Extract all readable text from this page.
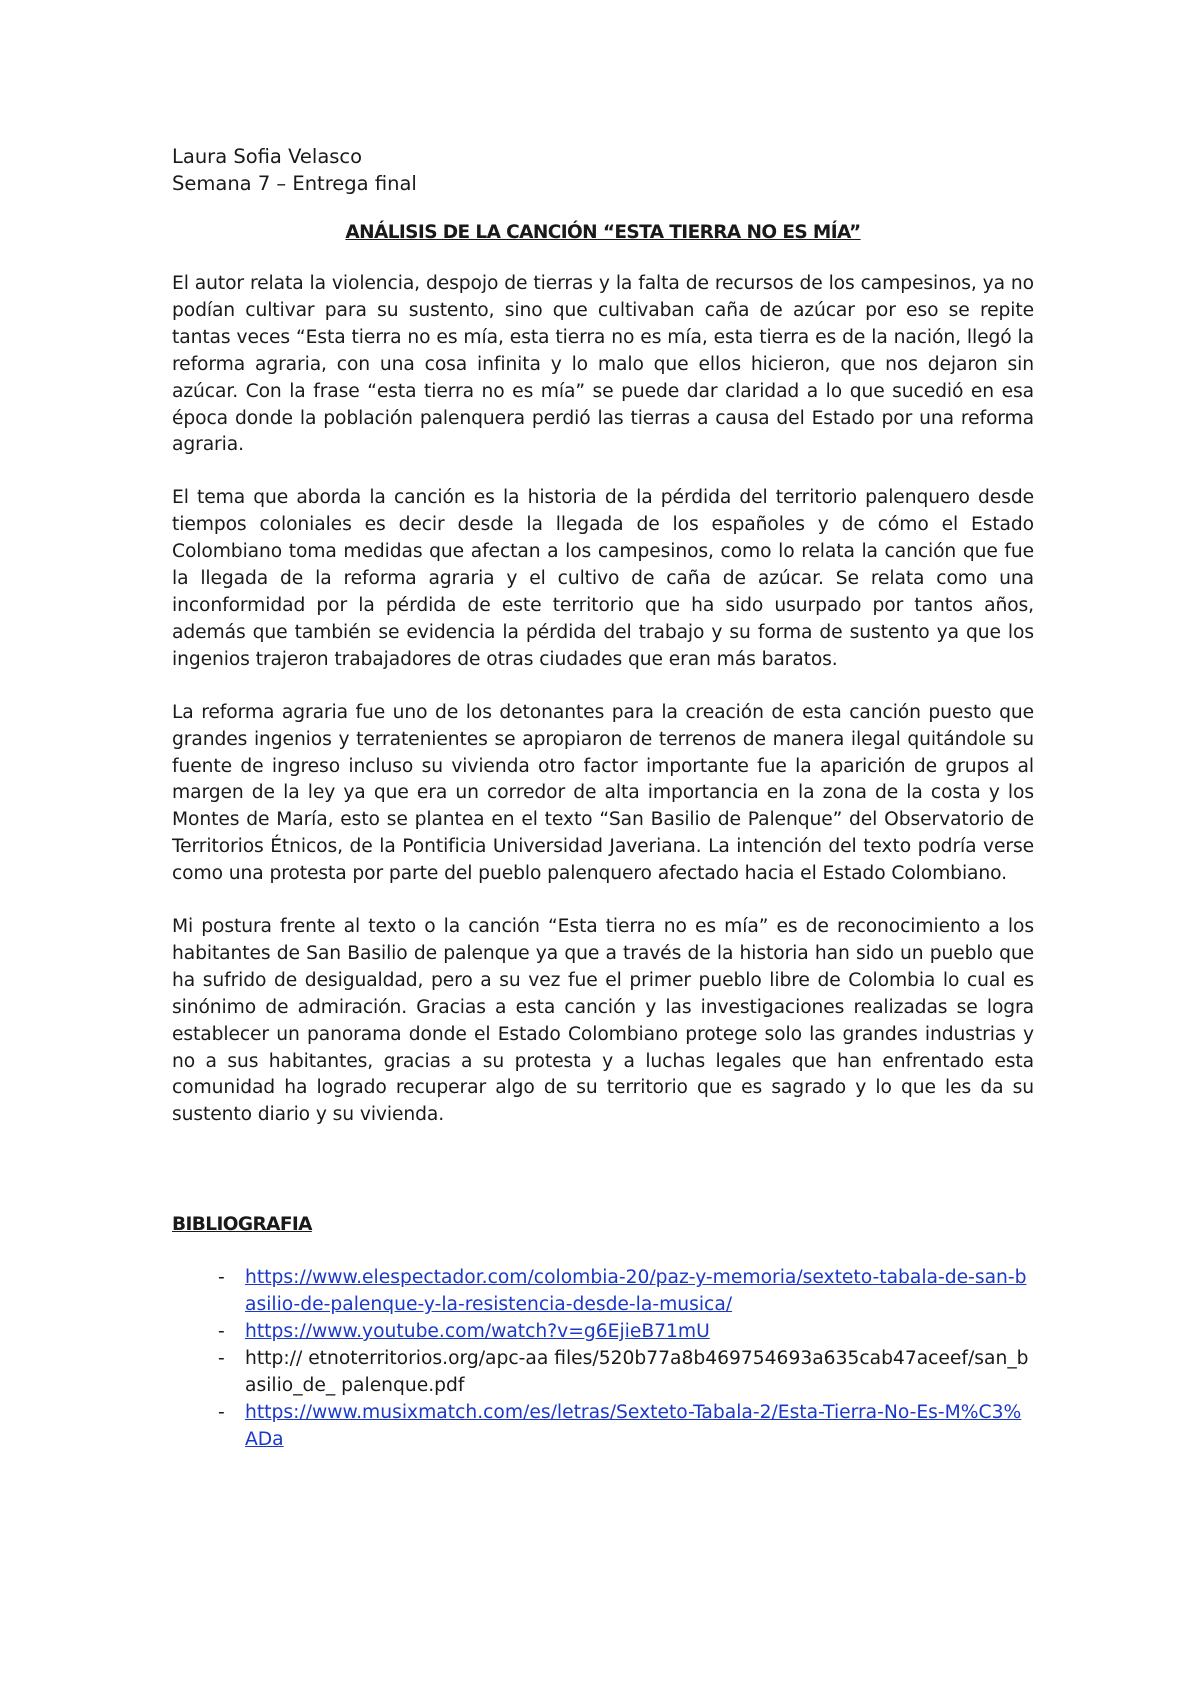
Laura Sofia Velasco

Semana 7 – Entrega final

ANÁLISIS DE LA CANCIÓN “ESTA TIERRA NO ES MÍA”

El autor relata la violencia, despojo de tierras y la falta de recursos de los campesinos, ya no podían cultivar para su sustento, sino que cultivaban caña de azúcar por eso se repite tantas veces “Esta tierra no es mía, esta tierra no es mía, esta tierra es de la nación, llegó la reforma agraria, con una cosa infinita y lo malo que ellos hicieron, que nos dejaron sin azúcar. Con la frase “esta tierra no es mía” se puede dar claridad a lo que sucedió en esa época donde la población palenquera perdió las tierras a causa del Estado por una reforma agraria.

El tema que aborda la canción es la historia de la pérdida del territorio palenquero desde tiempos coloniales es decir desde la llegada de los españoles y de cómo el Estado Colombiano toma medidas que afectan a los campesinos, como lo relata la canción que fue la llegada de la reforma agraria y el cultivo de caña de azúcar. Se relata como una inconformidad por la pérdida de este territorio que ha sido usurpado por tantos años, además que también se evidencia la pérdida del trabajo y su forma de sustento ya que los ingenios trajeron trabajadores de otras ciudades que eran más baratos.

La reforma agraria fue uno de los detonantes para la creación de esta canción puesto que grandes ingenios y terratenientes se apropiaron de terrenos de manera ilegal quitándole su fuente de ingreso incluso su vivienda otro factor importante fue la aparición de grupos al margen de la ley ya que era un corredor de alta importancia en la zona de la costa y los Montes de María, esto se plantea en el texto “San Basilio de Palenque” del Observatorio de Territorios Étnicos, de la Pontificia Universidad Javeriana. La intención del texto podría verse como una protesta por parte del pueblo palenquero afectado hacia el Estado Colombiano.

Mi postura frente al texto o la canción “Esta tierra no es mía” es de reconocimiento a los habitantes de San Basilio de palenque ya que a través de la historia han sido un pueblo que ha sufrido de desigualdad, pero a su vez fue el primer pueblo libre de Colombia lo cual es sinónimo de admiración. Gracias a esta canción y las investigaciones realizadas se logra establecer un panorama donde el Estado Colombiano protege solo las grandes industrias y no a sus habitantes, gracias a su protesta y a luchas legales que han enfrentado esta comunidad ha logrado recuperar algo de su territorio que es sagrado y lo que les da su sustento diario y su vivienda.

BIBLIOGRAFIA
- https://www.elespectador.com/colombia-20/paz-y-memoria/sexteto-tabala-de-san-basilio-de-palenque-y-la-resistencia-desde-la-musica/
- https://www.youtube.com/watch?v=g6EjieB71mU
- http:// etnoterritorios.org/apc-aa files/520b77a8b469754693a635cab47aceef/san_basilio_de_ palenque.pdf
- https://www.musixmatch.com/es/letras/Sexteto-Tabala-2/Esta-Tierra-No-Es-M%C3%ADa
